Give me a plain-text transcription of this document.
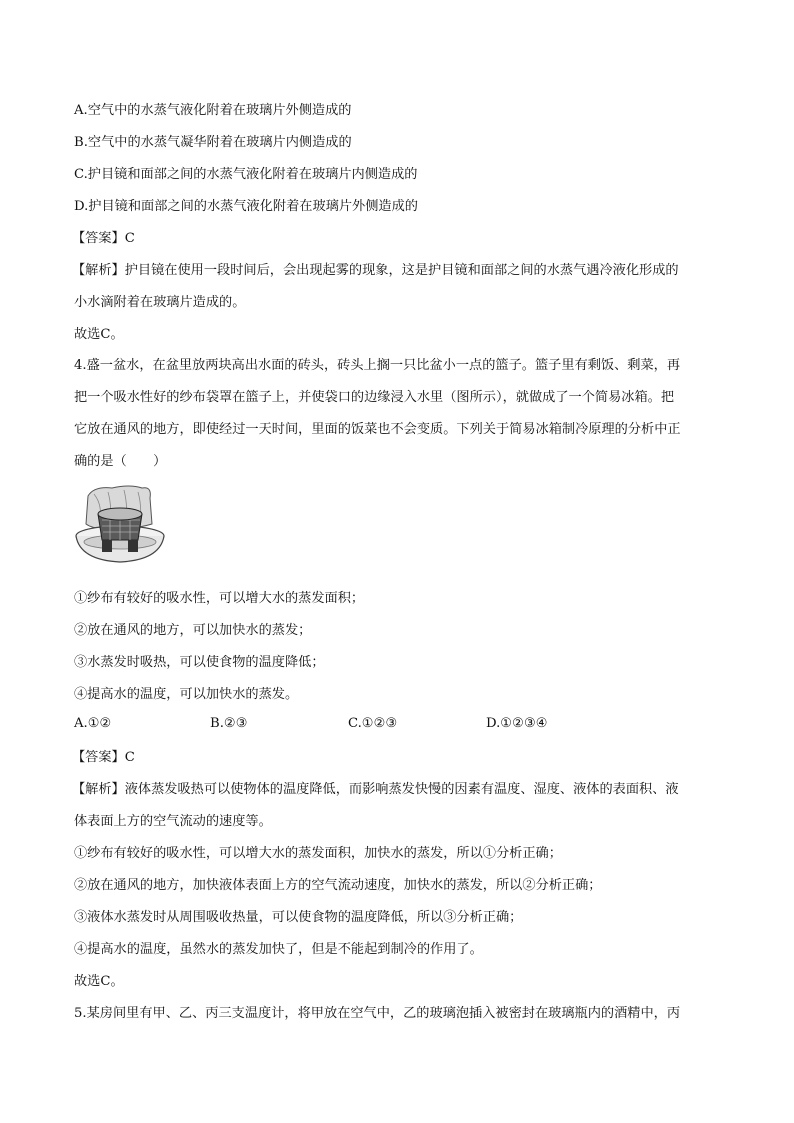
A.空气中的水蒸气液化附着在玻璃片外侧造成的
B.空气中的水蒸气凝华附着在玻璃片内侧造成的
C.护目镜和面部之间的水蒸气液化附着在玻璃片内侧造成的
D.护目镜和面部之间的水蒸气液化附着在玻璃片外侧造成的
【答案】C
【解析】护目镜在使用一段时间后，会出现起雾的现象，这是护目镜和面部之间的水蒸气遇冷液化形成的
小水滴附着在玻璃片造成的。
故选C。
4.盛一盆水，在盆里放两块高出水面的砖头，砖头上搁一只比盆小一点的篮子。篮子里有剩饭、剩菜，再
把一个吸水性好的纱布袋罩在篮子上，并使袋口的边缘浸入水里（图所示），就做成了一个简易冰箱。把
它放在通风的地方，即使经过一天时间，里面的饭菜也不会变质。下列关于简易冰箱制冷原理的分析中正
确的是（　　）
①纱布有较好的吸水性，可以增大水的蒸发面积；
②放在通风的地方，可以加快水的蒸发；
③水蒸发时吸热，可以使食物的温度降低；
④提高水的温度，可以加快水的蒸发。
A.①②	B.②③	C.①②③	D.①②③④
【答案】C
【解析】液体蒸发吸热可以使物体的温度降低，而影响蒸发快慢的因素有温度、湿度、液体的表面积、液
体表面上方的空气流动的速度等。
①纱布有较好的吸水性，可以增大水的蒸发面积，加快水的蒸发，所以①分析正确；
②放在通风的地方，加快液体表面上方的空气流动速度，加快水的蒸发，所以②分析正确；
③液体水蒸发时从周围吸收热量，可以使食物的温度降低，所以③分析正确；
④提高水的温度，虽然水的蒸发加快了，但是不能起到制冷的作用了。
故选C。
5.某房间里有甲、乙、丙三支温度计，将甲放在空气中，乙的玻璃泡插入被密封在玻璃瓶内的酒精中，丙
